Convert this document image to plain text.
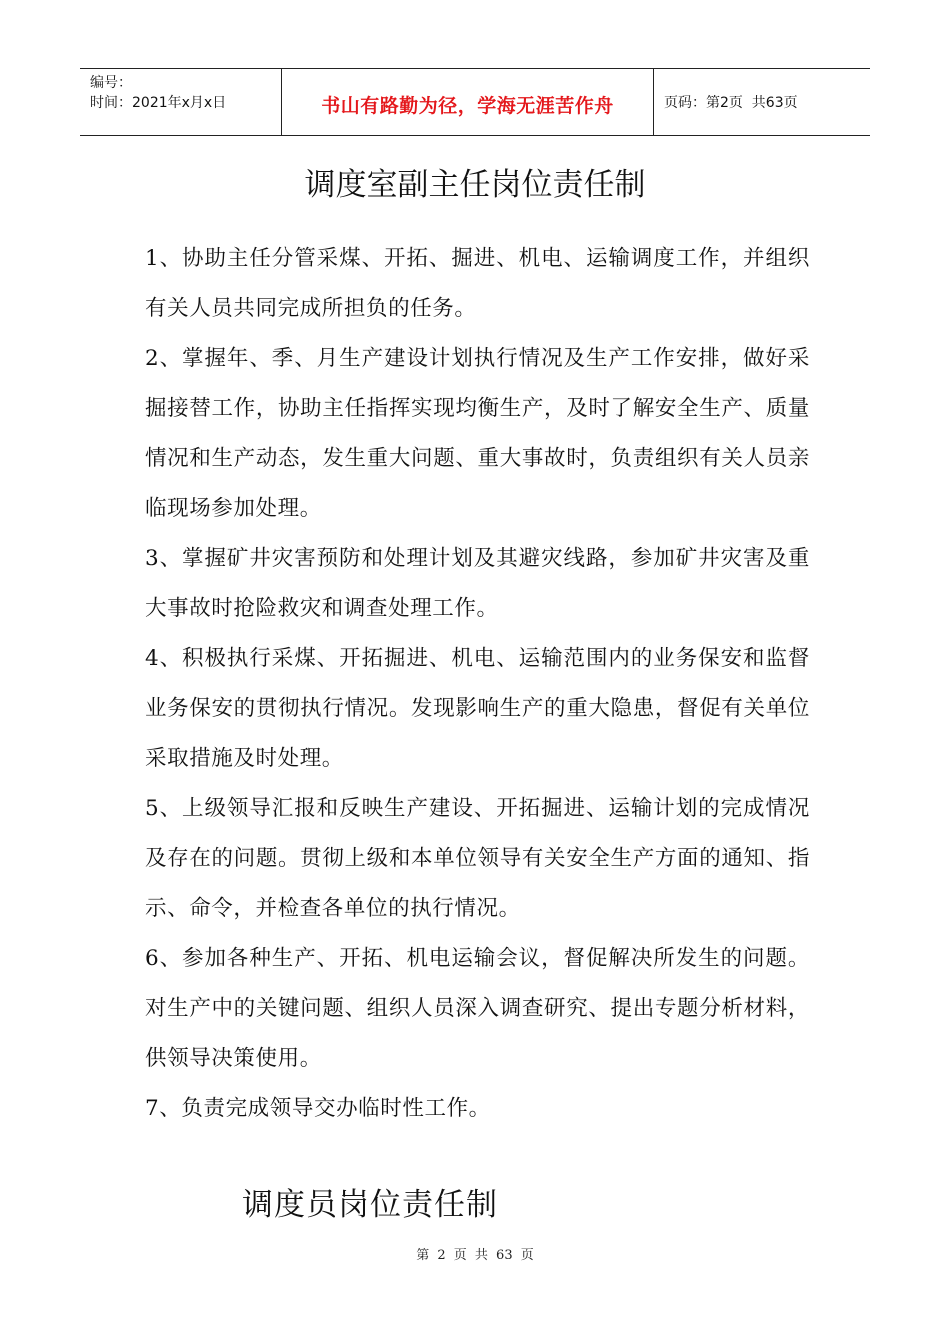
编号：
时间：2021年x月x日	书山有路勤为径，学海无涯苦作舟	页码：第2页  共63页
调度室副主任岗位责任制
1、协助主任分管采煤、开拓、掘进、机电、运输调度工作，并组织有关人员共同完成所担负的任务。
2、掌握年、季、月生产建设计划执行情况及生产工作安排，做好采掘接替工作，协助主任指挥实现均衡生产，及时了解安全生产、质量情况和生产动态，发生重大问题、重大事故时，负责组织有关人员亲临现场参加处理。
3、掌握矿井灾害预防和处理计划及其避灾线路，参加矿井灾害及重大事故时抢险救灾和调查处理工作。
4、积极执行采煤、开拓掘进、机电、运输范围内的业务保安和监督业务保安的贯彻执行情况。发现影响生产的重大隐患，督促有关单位采取措施及时处理。
5、上级领导汇报和反映生产建设、开拓掘进、运输计划的完成情况及存在的问题。贯彻上级和本单位领导有关安全生产方面的通知、指示、命令，并检查各单位的执行情况。
6、参加各种生产、开拓、机电运输会议，督促解决所发生的问题。对生产中的关键问题、组织人员深入调查研究、提出专题分析材料，供领导决策使用。
7、负责完成领导交办临时性工作。
调度员岗位责任制
第 2 页 共 63 页
